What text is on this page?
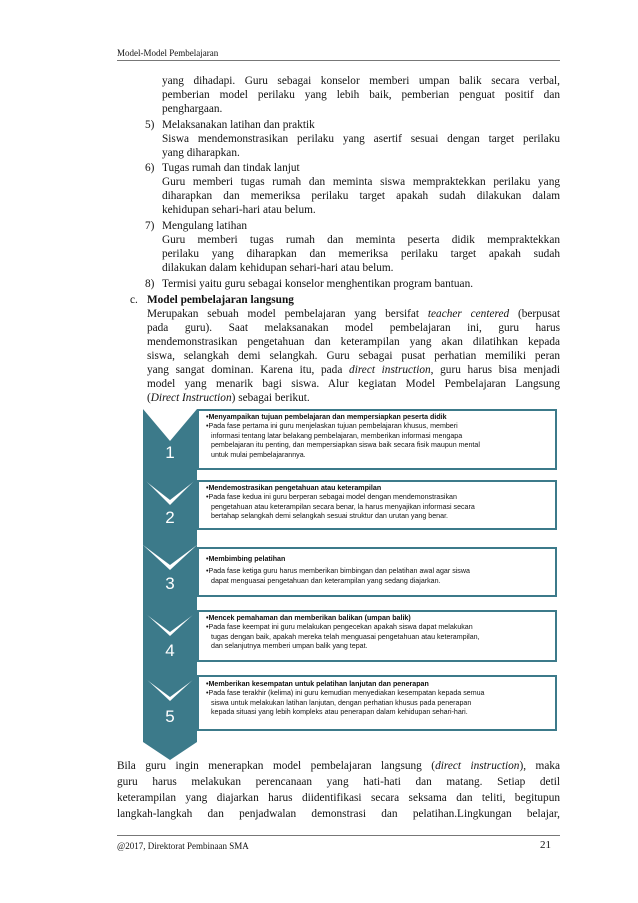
Model-Model Pembelajaran
yang dihadapi. Guru sebagai konselor memberi umpan balik secara verbal,
pemberian model perilaku yang lebih baik, pemberian penguat positif dan
penghargaan.
5) Melaksanakan latihan dan praktik
Siswa mendemonstrasikan perilaku yang asertif sesuai dengan target perilaku
yang diharapkan.
6) Tugas rumah dan tindak lanjut
Guru memberi tugas rumah dan meminta siswa mempraktekkan perilaku yang
diharapkan dan memeriksa perilaku target apakah sudah dilakukan dalam
kehidupan sehari-hari atau belum.
7) Mengulang latihan
Guru memberi tugas rumah dan meminta peserta didik mempraktekkan
perilaku yang diharapkan dan memeriksa perilaku target apakah sudah
dilakukan dalam kehidupan sehari-hari atau belum.
8) Termisi yaitu guru sebagai konselor menghentikan program bantuan.
c. Model pembelajaran langsung
Merupakan sebuah model pembelajaran yang bersifat teacher centered (berpusat
pada guru). Saat melaksanakan model pembelajaran ini, guru harus
mendemonstrasikan pengetahuan dan keterampilan yang akan dilatihkan kepada
siswa, selangkah demi selangkah. Guru sebagai pusat perhatian memiliki peran
yang sangat dominan. Karena itu, pada direct instruction, guru harus bisa menjadi
model yang menarik bagi siswa. Alur kegiatan Model Pembelajaran Langsung
(Direct Instruction) sebagai berikut.
1
2
3
4
5
•Menyampaikan tujuan pembelajaran dan mempersiapkan peserta didik
•Pada fase pertama ini guru menjelaskan tujuan pembelajaran khusus, memberi
informasi tentang latar belakang pembelajaran, memberikan informasi mengapa
pembelajaran itu penting, dan mempersiapkan siswa baik secara fisik maupun mental
untuk mulai pembelajarannya.
•Mendemostrasikan pengetahuan atau keterampilan
•Pada fase kedua ini guru berperan sebagai model dengan mendemonstrasikan
pengetahuan atau keterampilan secara benar, la harus menyajikan informasi secara
bertahap selangkah demi selangkah sesuai struktur dan urutan yang benar.
•Membimbing pelatihan
•Pada fase ketiga guru harus memberikan bimbingan dan pelatihan awal agar siswa
dapat menguasai pengetahuan dan keterampilan yang sedang diajarkan.
•Mencek pemahaman dan memberikan balikan (umpan balik)
•Pada fase keempat ini guru melakukan pengecekan apakah siswa dapat melakukan
tugas dengan baik, apakah mereka telah menguasai pengetahuan atau keterampilan,
dan selanjutnya memberi umpan balik yang tepat.
•Memberikan kesempatan untuk pelatihan lanjutan dan penerapan
•Pada fase terakhir (kelima) ini guru kemudian menyediakan kesempatan kepada semua
siswa untuk melakukan latihan lanjutan, dengan perhatian khusus pada penerapan
kepada situasi yang lebih kompleks atau penerapan dalam kehidupan sehari-hari.
Bila guru ingin menerapkan model pembelajaran langsung (direct instruction), maka
guru harus melakukan perencanaan yang hati-hati dan matang. Setiap detil
keterampilan yang diajarkan harus diidentifikasi secara seksama dan teliti, begitupun
langkah-langkah dan penjadwalan demonstrasi dan pelatihan.Lingkungan belajar,
@2017, Direktorat Pembinaan SMA	21
